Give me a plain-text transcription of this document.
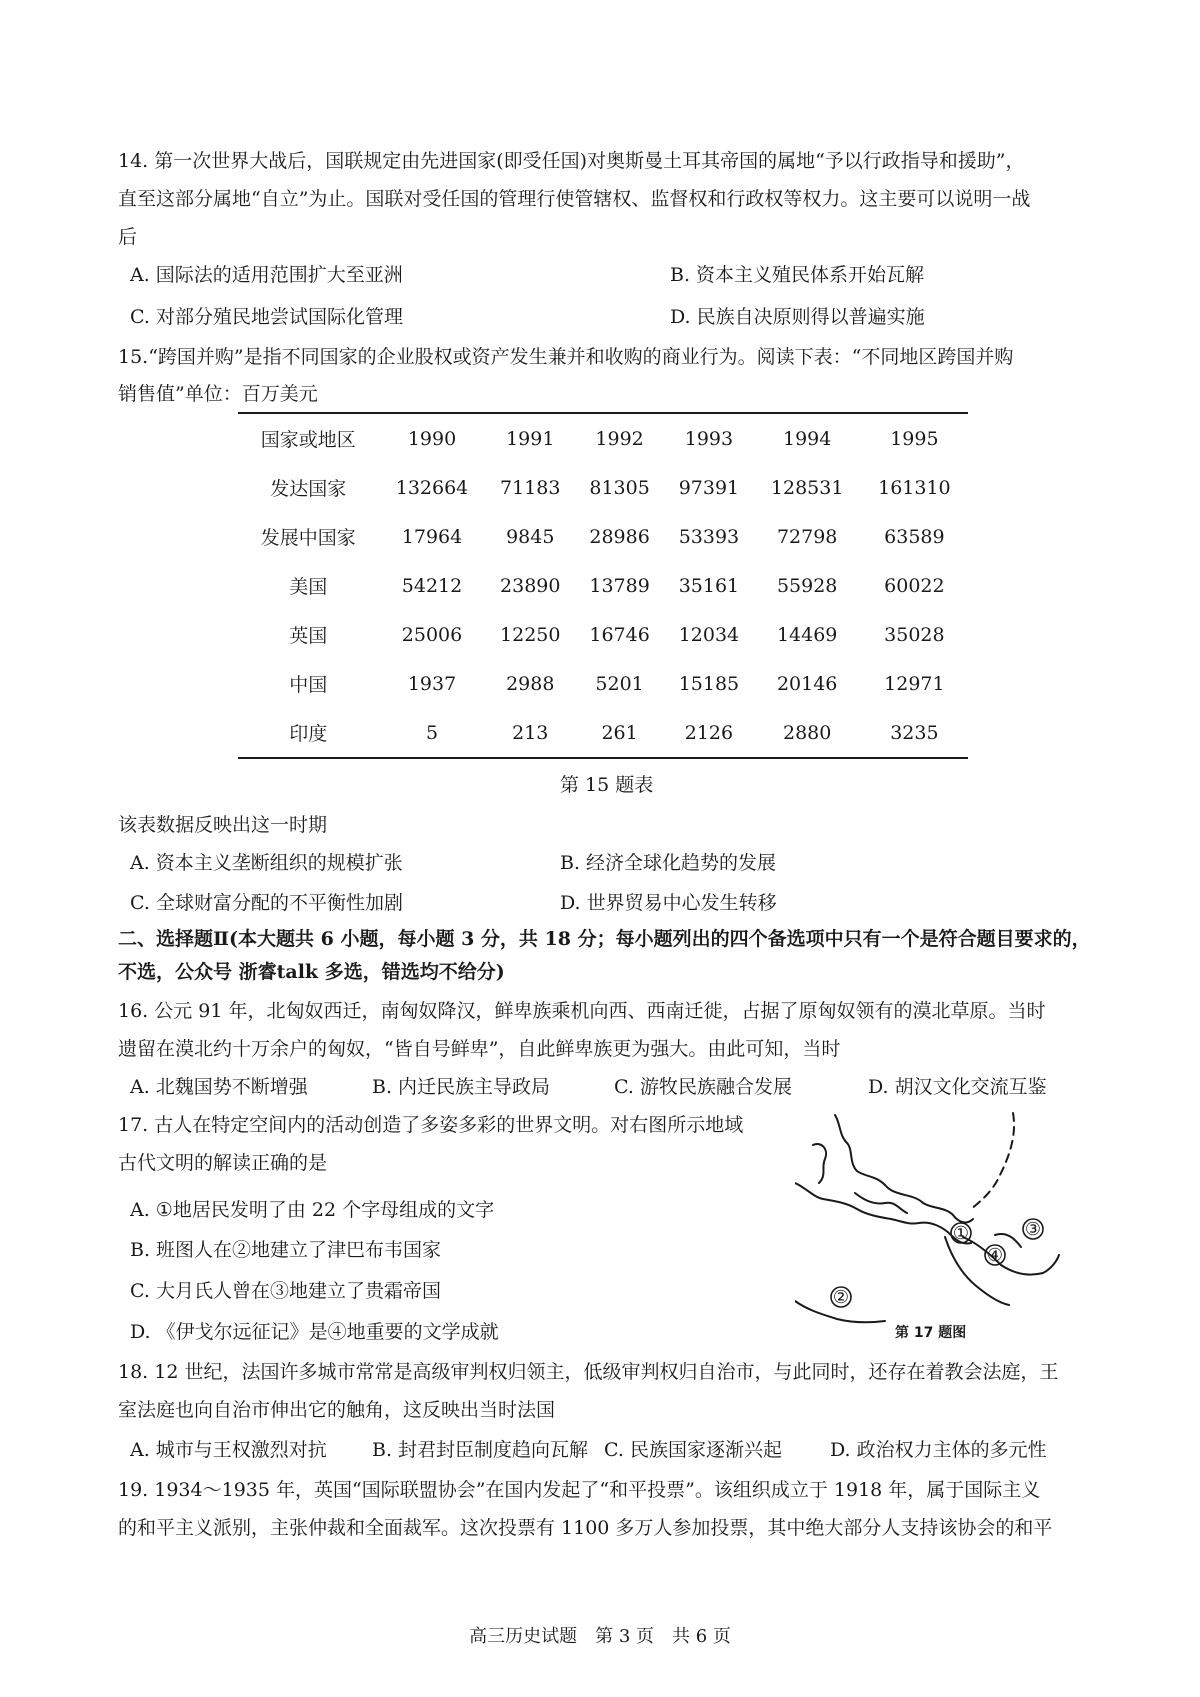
14. 第一次世界大战后，国联规定由先进国家(即受任国)对奥斯曼土耳其帝国的属地“予以行政指导和援助”，
直至这部分属地“自立”为止。国联对受任国的管理行使管辖权、监督权和行政权等权力。这主要可以说明一战
后
A. 国际法的适用范围扩大至亚洲	B. 资本主义殖民体系开始瓦解
C. 对部分殖民地尝试国际化管理	D. 民族自决原则得以普遍实施
15.“跨国并购”是指不同国家的企业股权或资产发生兼并和收购的商业行为。阅读下表：“不同地区跨国并购
销售值”单位：百万美元
国家或地区	1990	1991	1992	1993	1994	1995
发达国家	132664	71183	81305	97391	128531	161310
发展中国家	17964	9845	28986	53393	72798	63589
美国	54212	23890	13789	35161	55928	60022
英国	25006	12250	16746	12034	14469	35028
中国	1937	2988	5201	15185	20146	12971
印度	5	213	261	2126	2880	3235
第 15 题表
该表数据反映出这一时期
A. 资本主义垄断组织的规模扩张	B. 经济全球化趋势的发展
C. 全球财富分配的不平衡性加剧	D. 世界贸易中心发生转移
二、选择题Ⅱ(本大题共 6 小题，每小题 3 分，共 18 分；每小题列出的四个备选项中只有一个是符合题目要求的，
不选，公众号 浙睿talk 多选，错选均不给分)
16. 公元 91 年，北匈奴西迁，南匈奴降汉，鲜卑族乘机向西、西南迁徙，占据了原匈奴领有的漠北草原。当时
遗留在漠北约十万余户的匈奴，“皆自号鲜卑”，自此鲜卑族更为强大。由此可知，当时
A. 北魏国势不断增强	B. 内迁民族主导政局	C. 游牧民族融合发展	D. 胡汉文化交流互鉴
17. 古人在特定空间内的活动创造了多姿多彩的世界文明。对右图所示地域
古代文明的解读正确的是
A. ①地居民发明了由 22 个字母组成的文字
B. 班图人在②地建立了津巴布韦国家
C. 大月氏人曾在③地建立了贵霜帝国
D. 《伊戈尔远征记》是④地重要的文学成就
①
②
③
④
第 17 题图
18. 12 世纪，法国许多城市常常是高级审判权归领主，低级审判权归自治市，与此同时，还存在着教会法庭，王
室法庭也向自治市伸出它的触角，这反映出当时法国
A. 城市与王权激烈对抗 B. 封君封臣制度趋向瓦解 C. 民族国家逐渐兴起	D. 政治权力主体的多元性
19. 1934～1935 年，英国“国际联盟协会”在国内发起了“和平投票”。该组织成立于 1918 年，属于国际主义
的和平主义派别，主张仲裁和全面裁军。这次投票有 1100 多万人参加投票，其中绝大部分人支持该协会的和平
高三历史试题　第 3 页　共 6 页
